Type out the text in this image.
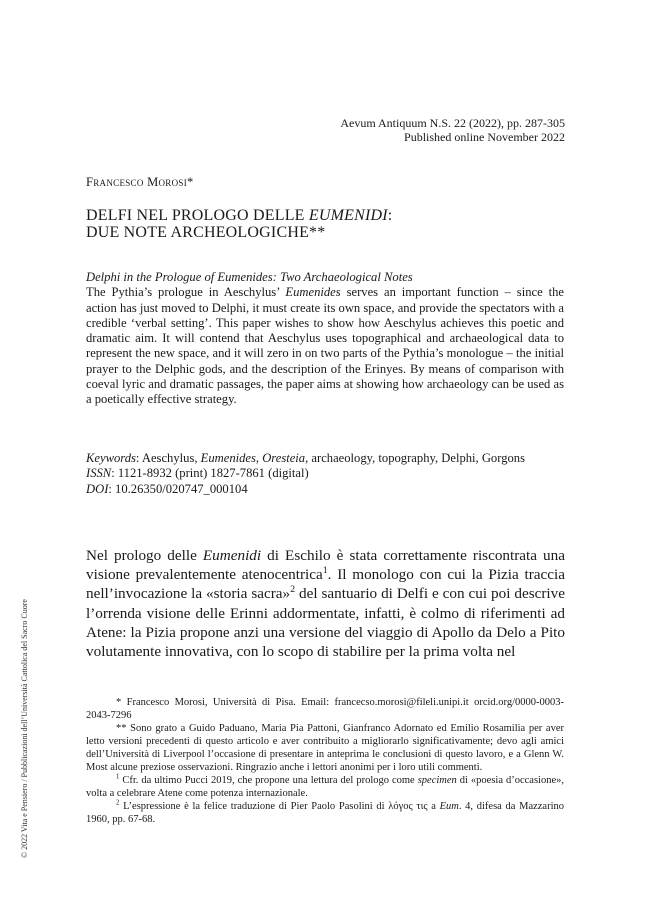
Aevum Antiquum N.S. 22 (2022), pp. 287-305
Published online November 2022
Francesco Morosi*
DELFI NEL PROLOGO DELLE EUMENIDI:
DUE NOTE ARCHEOLOGICHE**
Delphi in the Prologue of Eumenides: Two Archaeological Notes
The Pythia’s prologue in Aeschylus’ Eumenides serves an important function – since the action has just moved to Delphi, it must create its own space, and provide the spectators with a credible ‘verbal setting’. This paper wishes to show how Aeschylus achieves this poetic and dramatic aim. It will contend that Aeschylus uses topographical and archaeological data to represent the new space, and it will zero in on two parts of the Pythia’s monologue – the initial prayer to the Delphic gods, and the description of the Erinyes. By means of comparison with coeval lyric and dramatic passages, the paper aims at showing how archaeology can be used as a poetically effective strategy.
Keywords: Aeschylus, Eumenides, Oresteia, archaeology, topography, Delphi, Gorgons
ISSN: 1121-8932 (print) 1827-7861 (digital)
DOI: 10.26350/020747_000104
Nel prologo delle Eumenidi di Eschilo è stata correttamente riscontrata una visione prevalentemente atenocentrica$^1$. Il monologo con cui la Pizia traccia nell’invocazione la «storia sacra»$^2$ del santuario di Delfi e con cui poi descrive l’orrenda visione delle Erinni addormentate, infatti, è colmo di riferimenti ad Atene: la Pizia propone anzi una versione del viaggio di Apollo da Delo a Pito volutamente innovativa, con lo scopo di stabilire per la prima volta nel

* Francesco Morosi, Università di Pisa. Email: francecso.morosi@fileli.unipi.it orcid.org/0000-0003-2043-7296

** Sono grato a Guido Paduano, Maria Pia Pattoni, Gianfranco Adornato ed Emilio Rosamilia per aver letto versioni precedenti di questo articolo e aver contribuito a migliorarlo significativamente; devo agli amici dell’Università di Liverpool l’occasione di presentare in anteprima le conclusioni di questo lavoro, e a Glenn W. Most alcune preziose osservazioni. Ringrazio anche i lettori anonimi per i loro utili commenti.

$^1$ Cfr. da ultimo Pucci 2019, che propone una lettura del prologo come specimen di «poesia d’occasione», volta a celebrare Atene come potenza internazionale.

$^2$ L’espressione è la felice traduzione di Pier Paolo Pasolini di λόγος τις a Eum. 4, difesa da Mazzarino 1960, pp. 67-68.

© 2022 Vita e Pensiero / Pubblicazioni dell’Università Cattolica del Sacro Cuore
